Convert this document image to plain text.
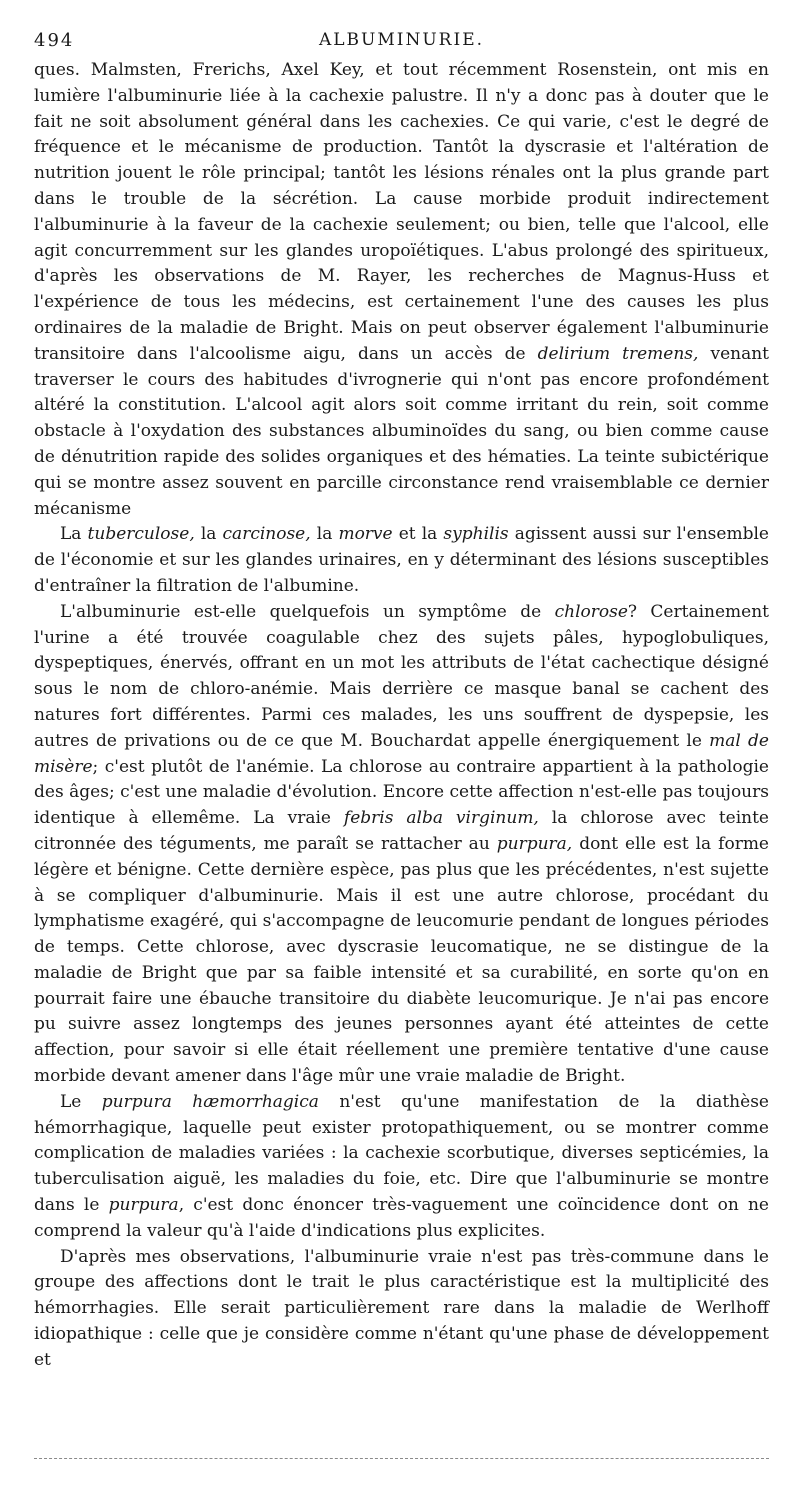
494	ALBUMINURIE.

ques. Malmsten, Frerichs, Axel Key, et tout récemment Rosenstein, ont mis en lumière l'albuminurie liée à la cachexie palustre. Il n'y a donc pas à douter que le fait ne soit absolument général dans les cachexies. Ce qui varie, c'est le degré de fréquence et le mécanisme de production. Tantôt la dyscrasie et l'altération de nutrition jouent le rôle principal; tantôt les lésions rénales ont la plus grande part dans le trouble de la sécrétion. La cause morbide produit indirectement l'albuminurie à la faveur de la cachexie seulement; ou bien, telle que l'alcool, elle agit concurremment sur les glandes uropoïétiques. L'abus prolongé des spiritueux, d'après les observations de M. Rayer, les recherches de Magnus-Huss et l'expérience de tous les médecins, est certainement l'une des causes les plus ordinaires de la maladie de Bright. Mais on peut observer également l'albuminurie transitoire dans l'alcoolisme aigu, dans un accès de delirium tremens, venant traverser le cours des habitudes d'ivrognerie qui n'ont pas encore profondément altéré la constitution. L'alcool agit alors soit comme irritant du rein, soit comme obstacle à l'oxydation des substances albuminoïdes du sang, ou bien comme cause de dénutrition rapide des solides organiques et des hématies. La teinte subictérique qui se montre assez souvent en parcille circonstance rend vraisemblable ce dernier mécanisme

La tuberculose, la carcinose, la morve et la syphilis agissent aussi sur l'ensemble de l'économie et sur les glandes urinaires, en y déterminant des lésions susceptibles d'entraîner la filtration de l'albumine.

L'albuminurie est-elle quelquefois un symptôme de chlorose? Certainement l'urine a été trouvée coagulable chez des sujets pâles, hypoglobuliques, dyspeptiques, énervés, offrant en un mot les attributs de l'état cachectique désigné sous le nom de chloro-anémie. Mais derrière ce masque banal se cachent des natures fort différentes. Parmi ces malades, les uns souffrent de dyspepsie, les autres de privations ou de ce que M. Bouchardat appelle énergiquement le mal de misère; c'est plutôt de l'anémie. La chlorose au contraire appartient à la pathologie des âges; c'est une maladie d'évolution. Encore cette affection n'est-elle pas toujours identique à ellemême. La vraie febris alba virginum, la chlorose avec teinte citronnée des téguments, me paraît se rattacher au purpura, dont elle est la forme légère et bénigne. Cette dernière espèce, pas plus que les précédentes, n'est sujette à se compliquer d'albuminurie. Mais il est une autre chlorose, procédant du lymphatisme exagéré, qui s'accompagne de leucomurie pendant de longues périodes de temps. Cette chlorose, avec dyscrasie leucomatique, ne se distingue de la maladie de Bright que par sa faible intensité et sa curabilité, en sorte qu'on en pourrait faire une ébauche transitoire du diabète leucomurique. Je n'ai pas encore pu suivre assez longtemps des jeunes personnes ayant été atteintes de cette affection, pour savoir si elle était réellement une première tentative d'une cause morbide devant amener dans l'âge mûr une vraie maladie de Bright.

Le purpura hæmorrhagica n'est qu'une manifestation de la diathèse hémorrhagique, laquelle peut exister protopathiquement, ou se montrer comme complication de maladies variées : la cachexie scorbutique, diverses septicémies, la tuberculisation aiguë, les maladies du foie, etc. Dire que l'albuminurie se montre dans le purpura, c'est donc énoncer très-vaguement une coïncidence dont on ne comprend la valeur qu'à l'aide d'indications plus explicites.

D'après mes observations, l'albuminurie vraie n'est pas très-commune dans le groupe des affections dont le trait le plus caractéristique est la multiplicité des hémorrhagies. Elle serait particulièrement rare dans la maladie de Werlhoff idiopathique : celle que je considère comme n'étant qu'une phase de développement et
